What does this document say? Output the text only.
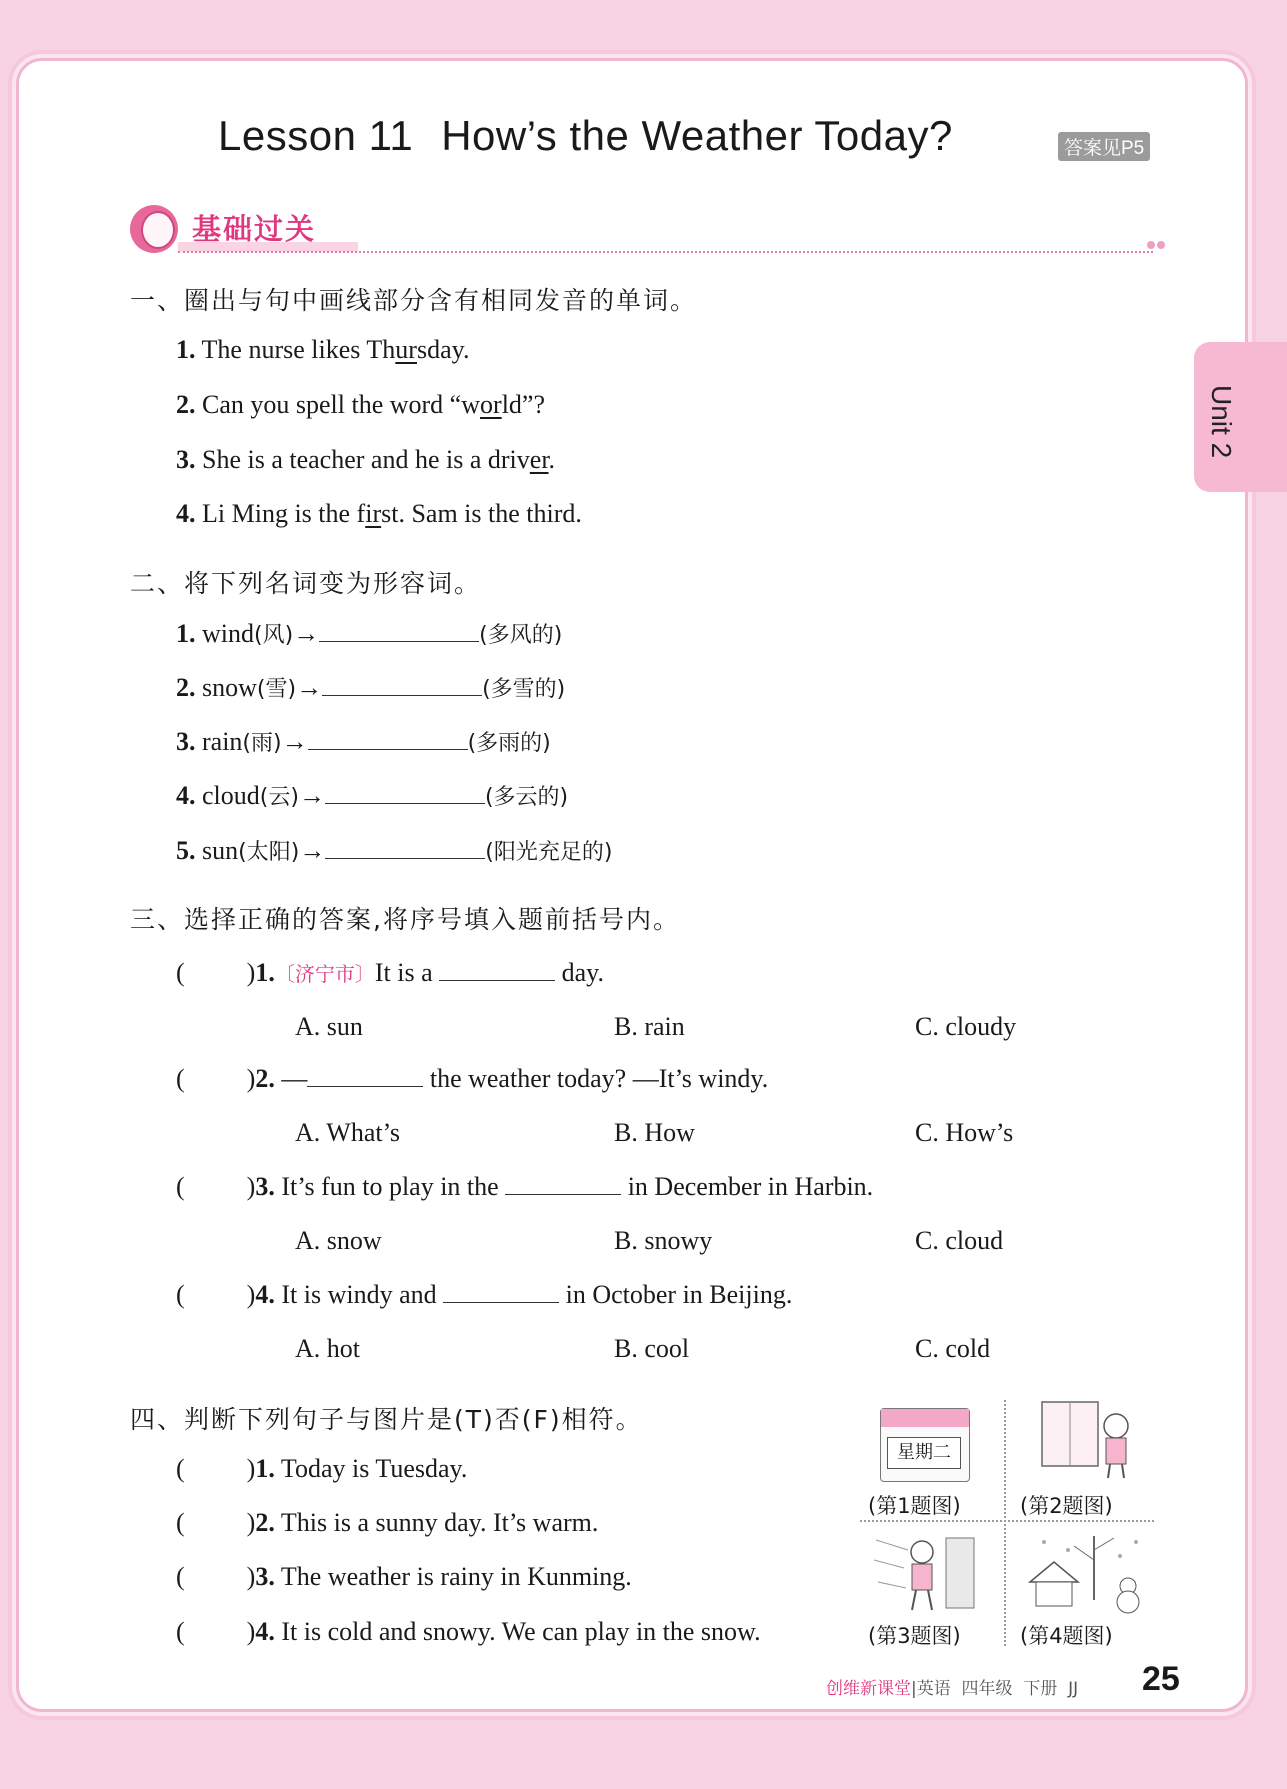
Lesson 11 How’s the Weather Today?	答案见P5
基础过关
Unit 2
一、圈出与句中画线部分含有相同发音的单词。
1. The nurse likes Thursday.
2. Can you spell the word “world”?
3. She is a teacher and he is a driver.
4. Li Ming is the first. Sam is the third.
二、将下列名词变为形容词。
1. wind(风)→	(多风的)
2. snow(雪)→	(多雪的)
3. rain(雨)→	(多雨的)
4. cloud(云)→	(多云的)
5. sun(太阳)→	(阳光充足的)
三、选择正确的答案,将序号填入题前括号内。
( )1.〔济宁市〕It is a	day.
A. sun	B. rain	C. cloudy
( )2. —	the weather today? —It’s windy.
A. What’s	B. How	C. How’s
( )3. It’s fun to play in the	in December in Harbin.
A. snow	B. snowy	C. cloud
( )4. It is windy and	in October in Beijing.
A. hot	B. cool	C. cold
四、判断下列句子与图片是(T)否(F)相符。
( )1. Today is Tuesday.
( )2. This is a sunny day. It’s warm.
( )3. The weather is rainy in Kunming.
( )4. It is cold and snowy. We can play in the snow.
星期二
(第1题图)	(第2题图)
(第3题图)	(第4题图)
创维新课堂|英语 四年级 下册 JJ 25
